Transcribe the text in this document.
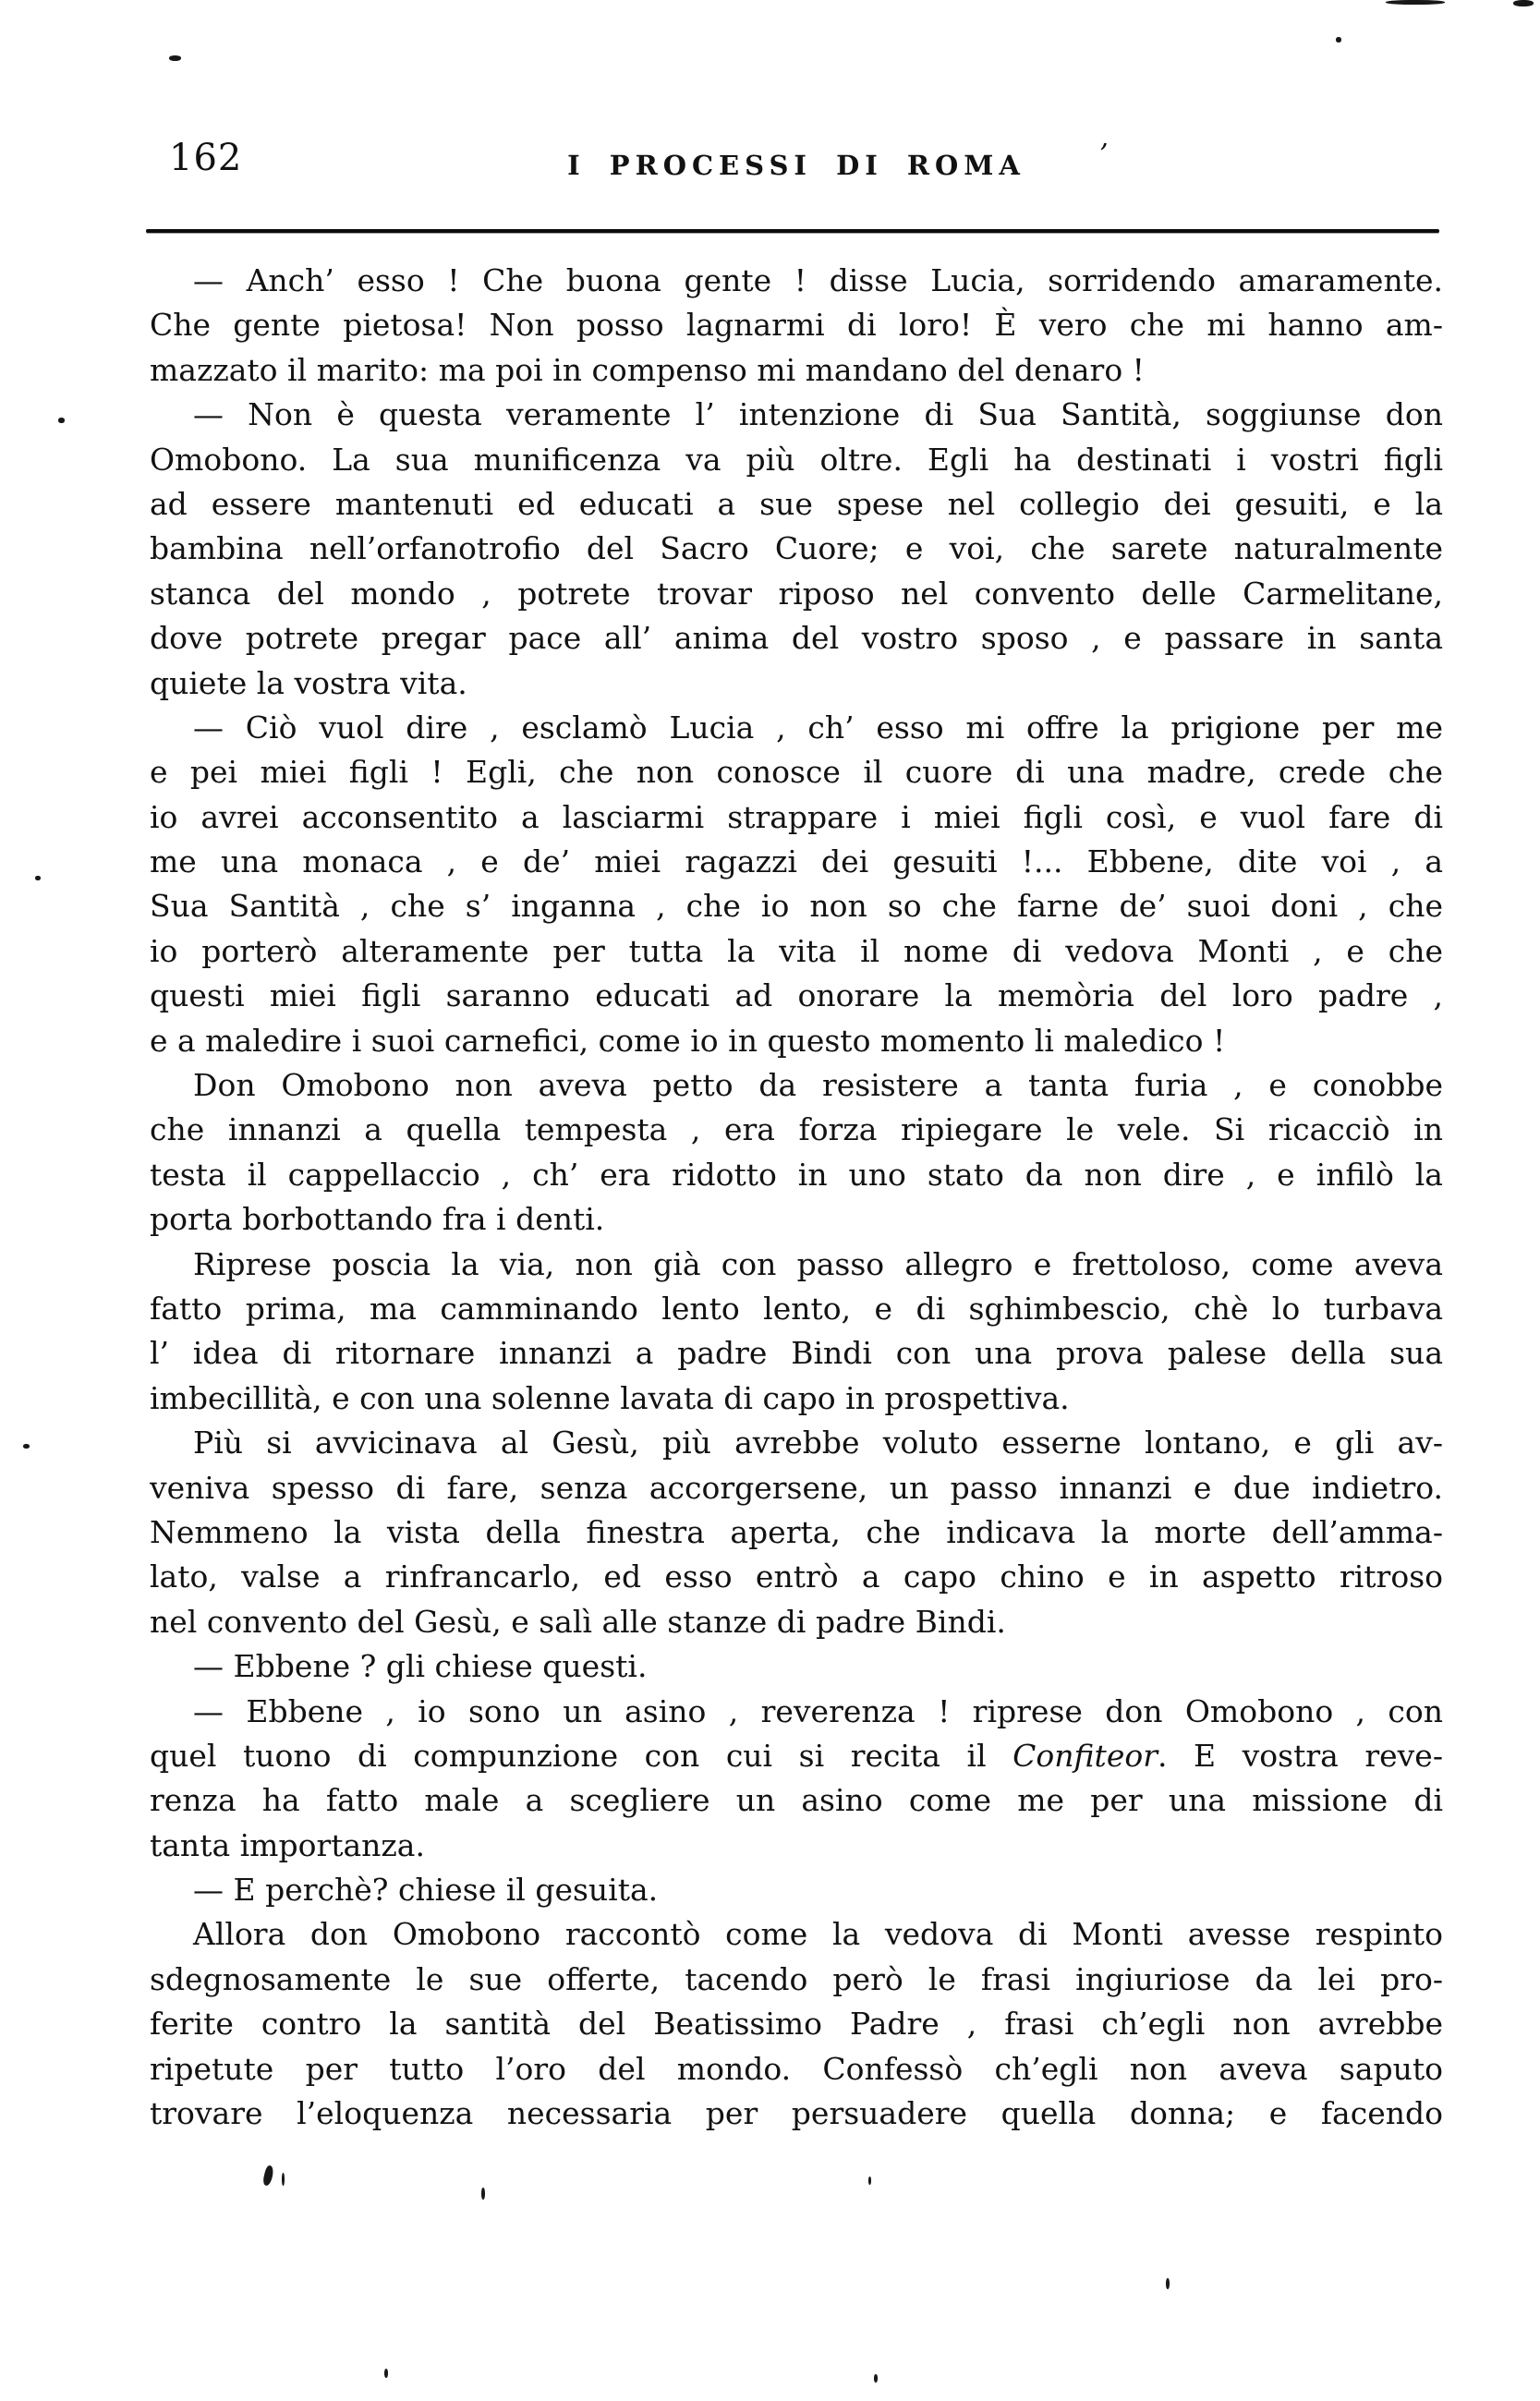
162	I PROCESSI DI ROMA	’
— Anch’ esso ! Che buona gente ! disse Lucia, sorridendo amaramente.
Che gente pietosa! Non posso lagnarmi di loro! È vero che mi hanno am-
mazzato il marito: ma poi in compenso mi mandano del denaro !
— Non è questa veramente l’ intenzione di Sua Santità, soggiunse don
Omobono. La sua munificenza va più oltre. Egli ha destinati i vostri figli
ad essere mantenuti ed educati a sue spese nel collegio dei gesuiti, e la
bambina nell’orfanotrofio del Sacro Cuore; e voi, che sarete naturalmente
stanca del mondo , potrete trovar riposo nel convento delle Carmelitane,
dove potrete pregar pace all’ anima del vostro sposo , e passare in santa
quiete la vostra vita.
— Ciò vuol dire , esclamò Lucia , ch’ esso mi offre la prigione per me
e pei miei figli ! Egli, che non conosce il cuore di una madre, crede che
io avrei acconsentito a lasciarmi strappare i miei figli così, e vuol fare di
me una monaca , e de’ miei ragazzi dei gesuiti !... Ebbene, dite voi , a
Sua Santità , che s’ inganna , che io non so che farne de’ suoi doni , che
io porterò alteramente per tutta la vita il nome di vedova Monti , e che
questi miei figli saranno educati ad onorare la memòria del loro padre ,
e a maledire i suoi carnefici, come io in questo momento li maledico !
Don Omobono non aveva petto da resistere a tanta furia , e conobbe
che innanzi a quella tempesta , era forza ripiegare le vele. Si ricacciò in
testa il cappellaccio , ch’ era ridotto in uno stato da non dire , e infilò la
porta borbottando fra i denti.
Riprese poscia la via, non già con passo allegro e frettoloso, come aveva
fatto prima, ma camminando lento lento, e di sghimbescio, chè lo turbava
l’ idea di ritornare innanzi a padre Bindi con una prova palese della sua
imbecillità, e con una solenne lavata di capo in prospettiva.
Più si avvicinava al Gesù, più avrebbe voluto esserne lontano, e gli av-
veniva spesso di fare, senza accorgersene, un passo innanzi e due indietro.
Nemmeno la vista della finestra aperta, che indicava la morte dell’amma-
lato, valse a rinfrancarlo, ed esso entrò a capo chino e in aspetto ritroso
nel convento del Gesù, e salì alle stanze di padre Bindi.
— Ebbene ? gli chiese questi.
— Ebbene , io sono un asino , reverenza ! riprese don Omobono , con
quel tuono di compunzione con cui si recita il Confiteor. E vostra reve-
renza ha fatto male a scegliere un asino come me per una missione di
tanta importanza.
— E perchè? chiese il gesuita.
Allora don Omobono raccontò come la vedova di Monti avesse respinto
sdegnosamente le sue offerte, tacendo però le frasi ingiuriose da lei pro-
ferite contro la santità del Beatissimo Padre , frasi ch’egli non avrebbe
ripetute per tutto l’oro del mondo. Confessò ch’egli non aveva saputo
trovare l’eloquenza necessaria per persuadere quella donna; e facendo
